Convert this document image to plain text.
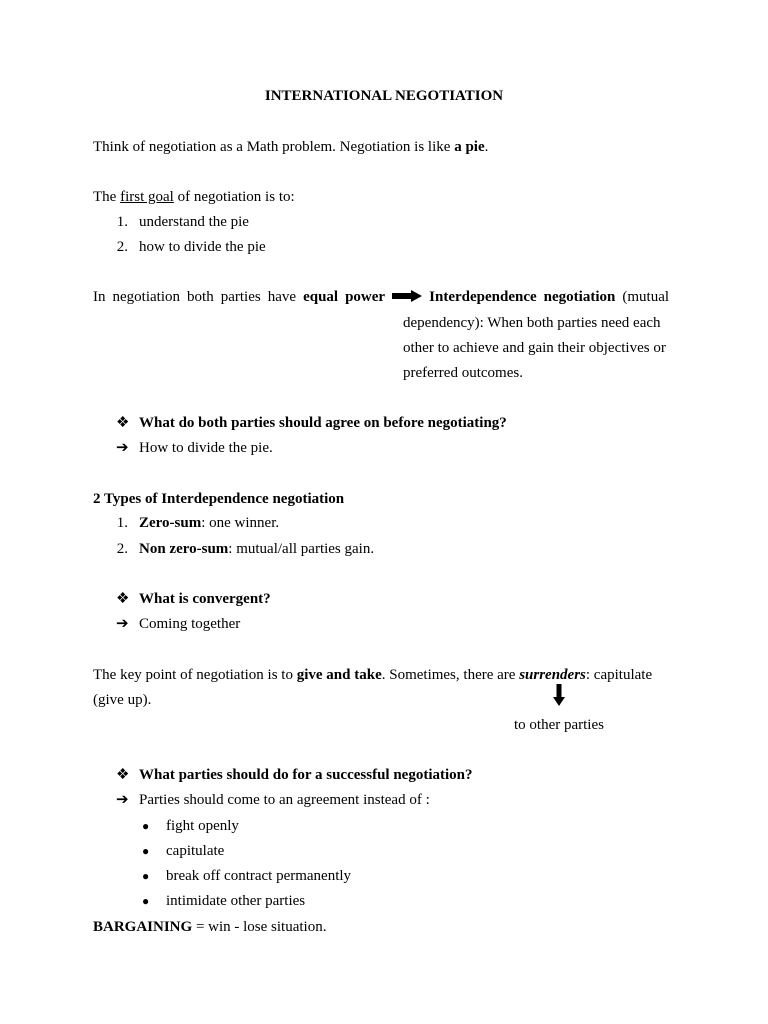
INTERNATIONAL NEGOTIATION
Think of negotiation as a Math problem. Negotiation is like a pie.
The first goal of negotiation is to:
1. understand the pie
2. how to divide the pie
In negotiation both parties have equal power	Interdependence negotiation (mutual
dependency): When both parties need each
other to achieve and gain their objectives or
preferred outcomes.
❖ What do both parties should agree on before negotiating?
➔ How to divide the pie.
2 Types of Interdependence negotiation
1. Zero-sum: one winner.
2. Non zero-sum: mutual/all parties gain.
❖ What is convergent?
➔ Coming together
The key point of negotiation is to give and take. Sometimes, there are surrenders: capitulate
(give up).
to other parties
❖ What parties should do for a successful negotiation?
➔ Parties should come to an agreement instead of :
● fight openly
● capitulate
● break off contract permanently
● intimidate other parties
BARGAINING = win - lose situation.
